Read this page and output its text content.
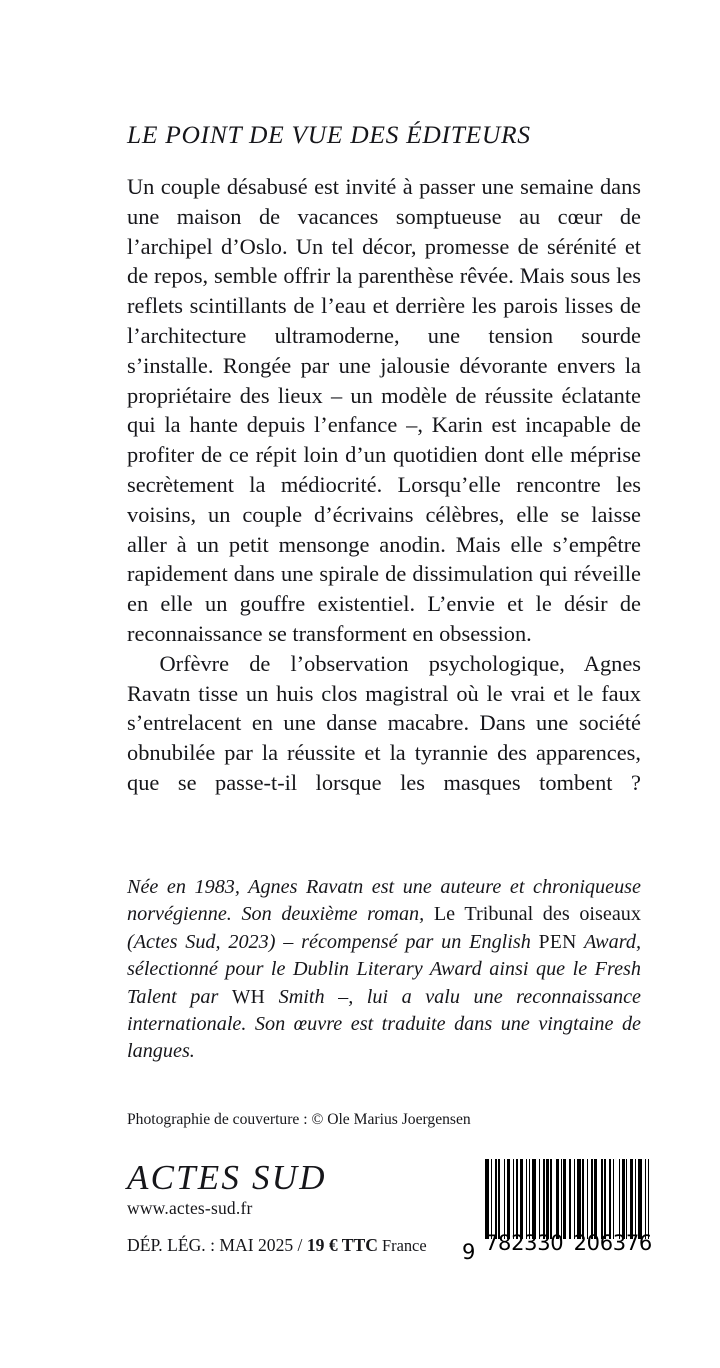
LE POINT DE VUE DES ÉDITEURS

Un couple désabusé est invité à passer une semaine dans une maison de vacances somptueuse au cœur de l’archipel d’Oslo. Un tel décor, promesse de sérénité et de repos, semble offrir la parenthèse rêvée. Mais sous les reflets scintillants de l’eau et derrière les parois lisses de l’architecture ultramoderne, une tension sourde s’installe. Rongée par une jalousie dévorante envers la propriétaire des lieux – un modèle de réussite éclatante qui la hante depuis l’enfance –, Karin est incapable de profiter de ce répit loin d’un quotidien dont elle méprise secrètement la médiocrité. Lorsqu’elle rencontre les voisins, un couple d’écrivains célèbres, elle se laisse aller à un petit mensonge anodin. Mais elle s’empêtre rapidement dans une spirale de dissimulation qui réveille en elle un gouffre existentiel. L’envie et le désir de reconnaissance se transforment en obsession.

Orfèvre de l’observation psychologique, Agnes Ravatn tisse un huis clos magistral où le vrai et le faux s’entrelacent en une danse macabre. Dans une société obnubilée par la réussite et la tyrannie des apparences, que se passe-t-il lorsque les masques tombent ?

Née en 1983, Agnes Ravatn est une auteure et chroniqueuse norvégienne. Son deuxième roman, Le Tribunal des oiseaux (Actes Sud, 2023) – récompensé par un English PEN Award, sélectionné pour le Dublin Literary Award ainsi que le Fresh Talent par WH Smith –, lui a valu une reconnaissance internationale. Son œuvre est traduite dans une vingtaine de langues.
Photographie de couverture : © Ole Marius Joergensen
ACTES SUD
www.actes-sud.fr
DÉP. LÉG. : MAI 2025 / 19 € TTC France	9 782330 206376
